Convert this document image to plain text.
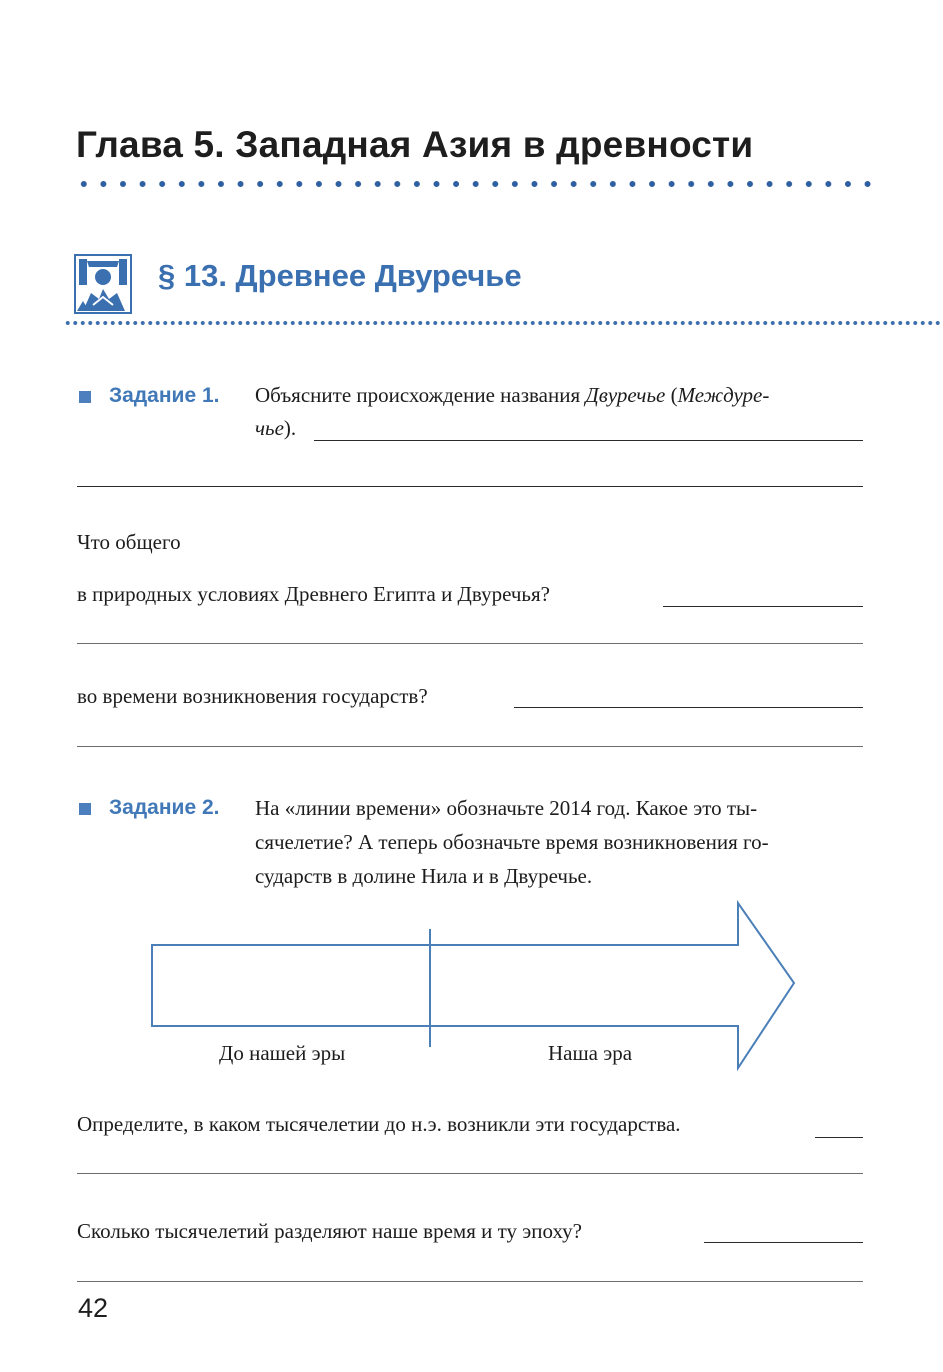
Глава 5. Западная Азия в древности
§ 13. Древнее Двуречье
Задание 1. Объясните происхождение названия Двуречье (Междуре-
чье).
Что общего
в природных условиях Древнего Египта и Двуречья?
во времени возникновения государств?
Задание 2. На «линии времени» обозначьте 2014 год. Какое это ты-
сячелетие? А теперь обозначьте время возникновения го-
сударств в долине Нила и в Двуречье.
До нашей эры	Наша эра
Определите, в каком тысячелетии до н.э. возникли эти государства.
Сколько тысячелетий разделяют наше время и ту эпоху?
42
